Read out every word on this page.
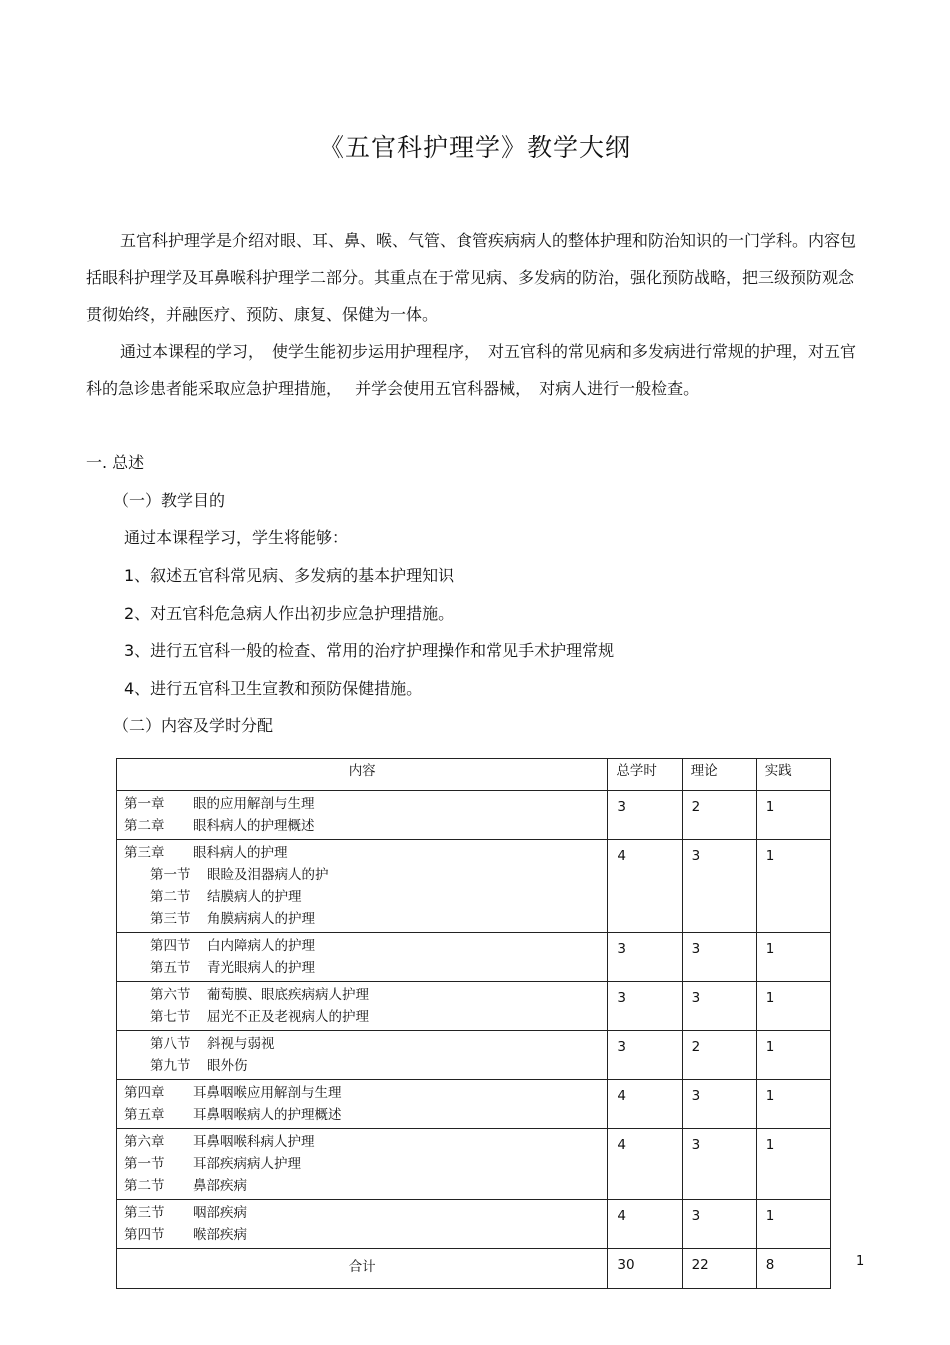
《五官科护理学》教学大纲

五官科护理学是介绍对眼、耳、鼻、喉、气管、食管疾病病人的整体护理和防治知识的一门学科。内容包括眼科护理学及耳鼻喉科护理学二部分。其重点在于常见病、多发病的防治，强化预防战略，把三级预防观念贯彻始终，并融医疗、预防、康复、保健为一体。

通过本课程的学习，　使学生能初步运用护理程序，　对五官科的常见病和多发病进行常规的护理，对五官科的急诊患者能采取应急护理措施，　 并学会使用五官科器械，　对病人进行一般检查。

一. 总述
（一）教学目的
通过本课程学习，学生将能够：
1、叙述五官科常见病、多发病的基本护理知识
2、对五官科危急病人作出初步应急护理措施。
3、进行五官科一般的检查、常用的治疗护理操作和常见手术护理常规
4、进行五官科卫生宣教和预防保健措施。
（二）内容及学时分配
内容	总学时	理论	实践

第一章 眼的应用解剖与生理
第二章 眼科病人的护理概述	3	2	1

第三章 眼科病人的护理
第一节 眼睑及泪器病人的护
第二节 结膜病人的护理
第三节 角膜病病人的护理	4	3	1

第四节 白内障病人的护理
第五节 青光眼病人的护理	3	3	1

第六节 葡萄膜、眼底疾病病人护理
第七节 屈光不正及老视病人的护理	3	3	1

第八节 斜视与弱视
第九节 眼外伤	3	2	1

第四章 耳鼻咽喉应用解剖与生理
第五章 耳鼻咽喉病人的护理概述	4	3	1

第六章 耳鼻咽喉科病人护理
第一节 耳部疾病病人护理
第二节 鼻部疾病	4	3	1

第三节 咽部疾病
第四节 喉部疾病	4	3	1
合计	30	22	8	1
